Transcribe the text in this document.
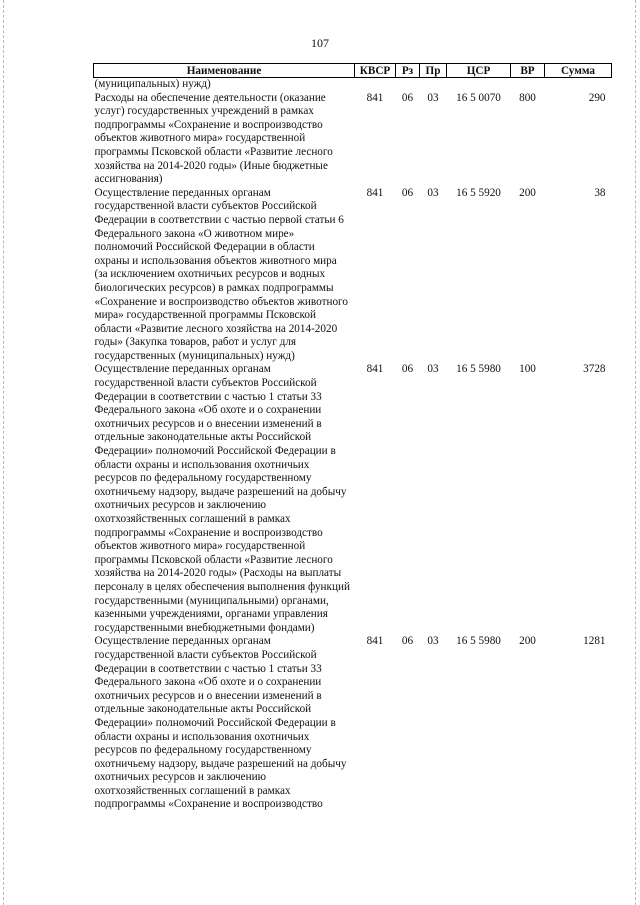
107
Наименование	КВСР	Рз	Пр	ЦСР	ВР	Сумма
(муниципальных) нужд)						
Расходы на обеспечение деятельности (оказание услуг) государственных учреждений в рамках подпрограммы «Сохранение и воспроизводство объектов животного мира» государственной программы Псковской области «Развитие лесного хозяйства на 2014-2020 годы» (Иные бюджетные ассигнования)	841	06	03	16 5 0070	800	290
Осуществление переданных органам государственной власти субъектов Российской Федерации в соответствии с частью первой статьи 6 Федерального закона «О животном мире» полномочий Российской Федерации в области охраны и использования объектов животного мира (за исключением охотничьих ресурсов и водных биологических ресурсов) в рамках подпрограммы «Сохранение и воспроизводство объектов животного мира» государственной программы Псковской области «Развитие лесного хозяйства на 2014-2020 годы» (Закупка товаров, работ и услуг для государственных (муниципальных) нужд)	841	06	03	16 5 5920	200	38
Осуществление переданных органам государственной власти субъектов Российской Федерации в соответствии с частью 1 статьи 33 Федерального закона «Об охоте и о сохранении охотничьих ресурсов и о внесении изменений в отдельные законодательные акты Российской Федерации» полномочий Российской Федерации в области охраны и использования охотничьих ресурсов по федеральному государственному охотничьему надзору, выдаче разрешений на добычу охотничьих ресурсов и заключению охотхозяйственных соглашений в рамках подпрограммы «Сохранение и воспроизводство объектов животного мира» государственной программы Псковской области «Развитие лесного хозяйства на 2014-2020 годы» (Расходы на выплаты персоналу в целях обеспечения выполнения функций государственными (муниципальными) органами, казенными учреждениями, органами управления государственными внебюджетными фондами)	841	06	03	16 5 5980	100	3728
Осуществление переданных органам государственной власти субъектов Российской Федерации в соответствии с частью 1 статьи 33 Федерального закона «Об охоте и о сохранении охотничьих ресурсов и о внесении изменений в отдельные законодательные акты Российской Федерации» полномочий Российской Федерации в области охраны и использования охотничьих ресурсов по федеральному государственному охотничьему надзору, выдаче разрешений на добычу охотничьих ресурсов и заключению охотхозяйственных соглашений в рамках подпрограммы «Сохранение и воспроизводство	841	06	03	16 5 5980	200	1281
